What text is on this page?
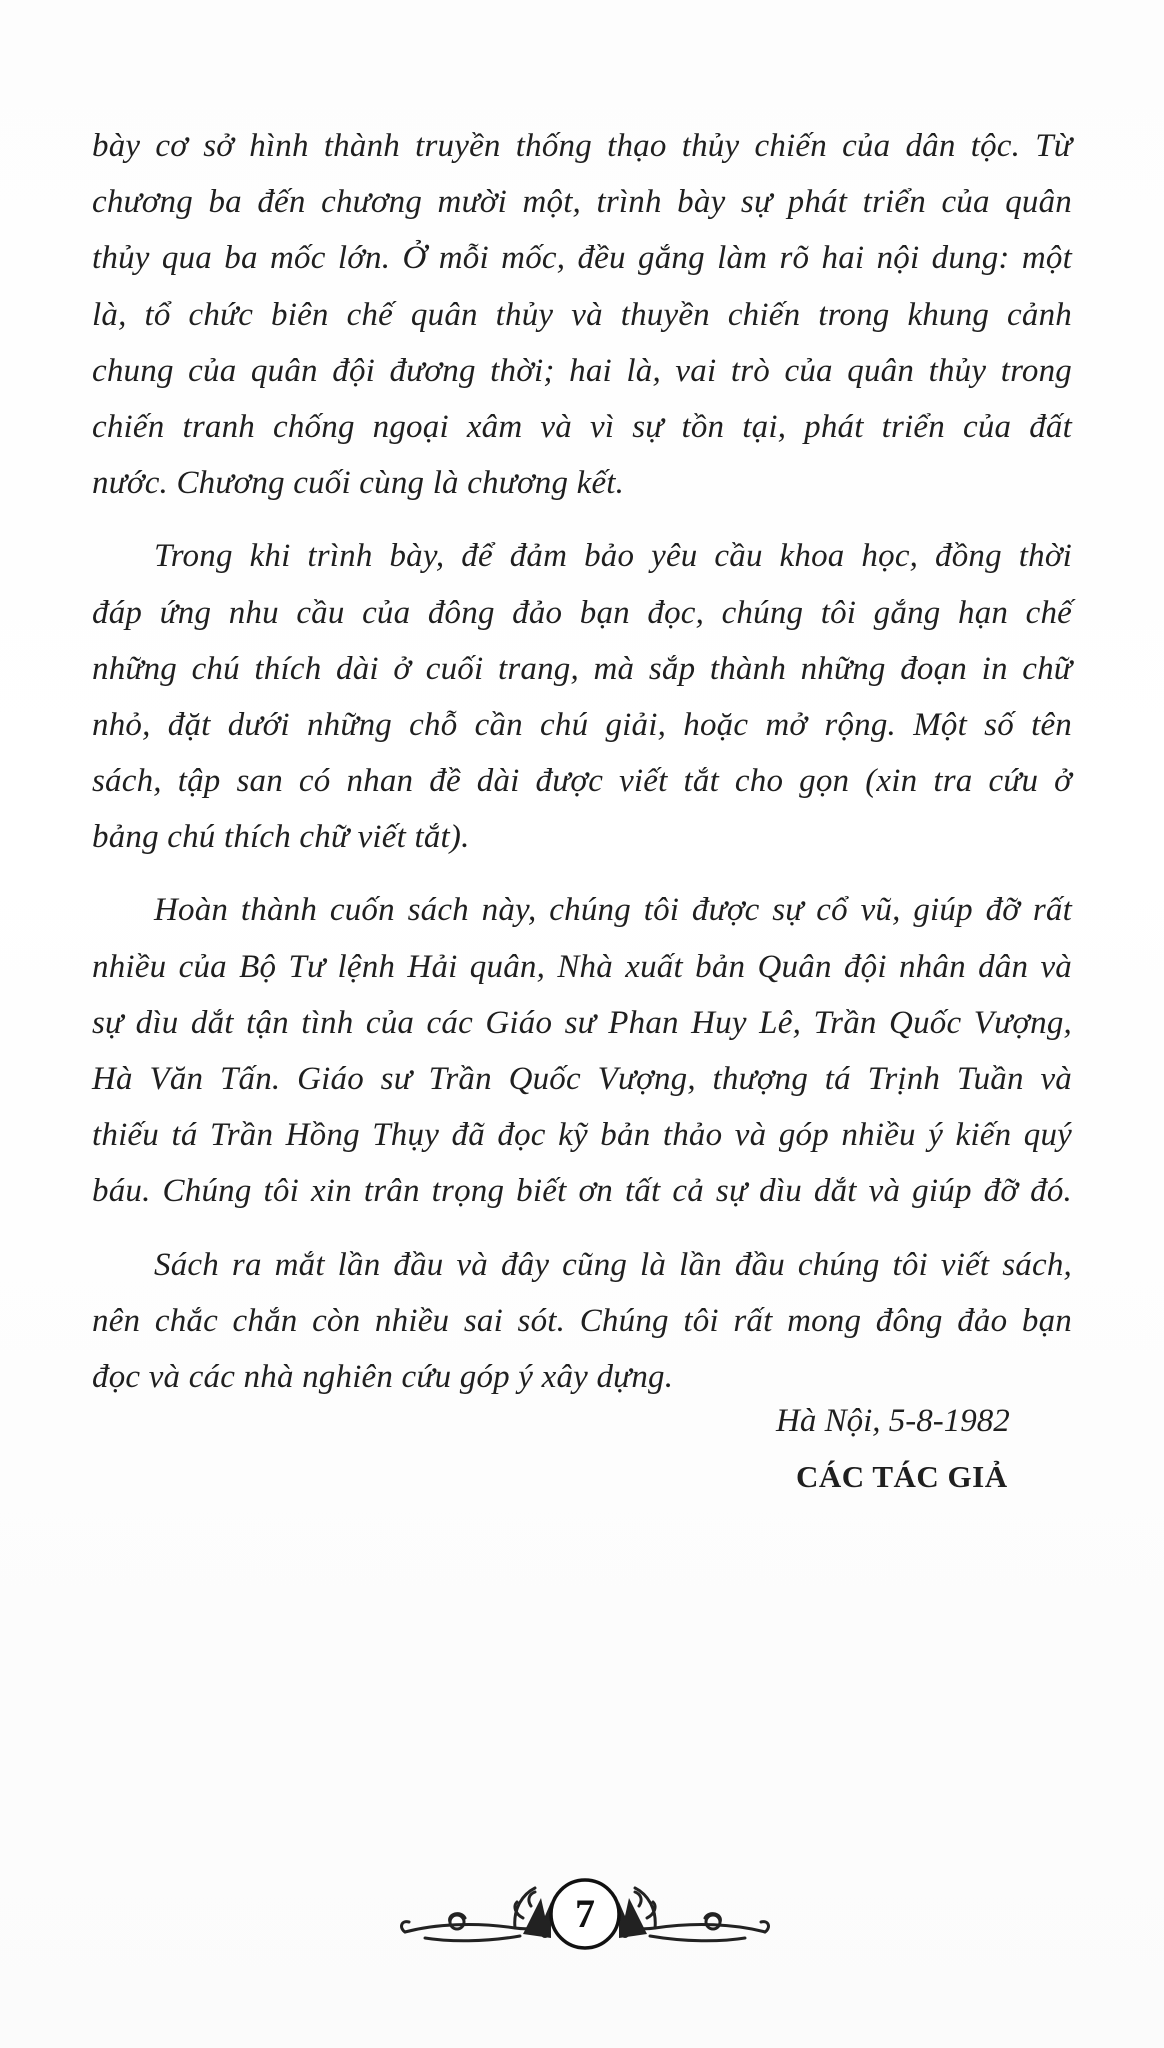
bày cơ sở hình thành truyền thống thạo thủy chiến của dân tộc. Từ
chương ba đến chương mười một, trình bày sự phát triển của quân
thủy qua ba mốc lớn. Ở mỗi mốc, đều gắng làm rõ hai nội dung: một
là, tổ chức biên chế quân thủy và thuyền chiến trong khung cảnh
chung của quân đội đương thời; hai là, vai trò của quân thủy trong
chiến tranh chống ngoại xâm và vì sự tồn tại, phát triển của đất
nước. Chương cuối cùng là chương kết.
Trong khi trình bày, để đảm bảo yêu cầu khoa học, đồng thời
đáp ứng nhu cầu của đông đảo bạn đọc, chúng tôi gắng hạn chế
những chú thích dài ở cuối trang, mà sắp thành những đoạn in chữ
nhỏ, đặt dưới những chỗ cần chú giải, hoặc mở rộng. Một số tên
sách, tập san có nhan đề dài được viết tắt cho gọn (xin tra cứu ở
bảng chú thích chữ viết tắt).
Hoàn thành cuốn sách này, chúng tôi được sự cổ vũ, giúp đỡ rất
nhiều của Bộ Tư lệnh Hải quân, Nhà xuất bản Quân đội nhân dân và
sự dìu dắt tận tình của các Giáo sư Phan Huy Lê, Trần Quốc Vượng,
Hà Văn Tấn. Giáo sư Trần Quốc Vượng, thượng tá Trịnh Tuần và
thiếu tá Trần Hồng Thụy đã đọc kỹ bản thảo và góp nhiều ý kiến quý
báu. Chúng tôi xin trân trọng biết ơn tất cả sự dìu dắt và giúp đỡ đó.
Sách ra mắt lần đầu và đây cũng là lần đầu chúng tôi viết sách,
nên chắc chắn còn nhiều sai sót. Chúng tôi rất mong đông đảo bạn
đọc và các nhà nghiên cứu góp ý xây dựng.
Hà Nội, 5-8-1982
CÁC TÁC GIẢ
7
